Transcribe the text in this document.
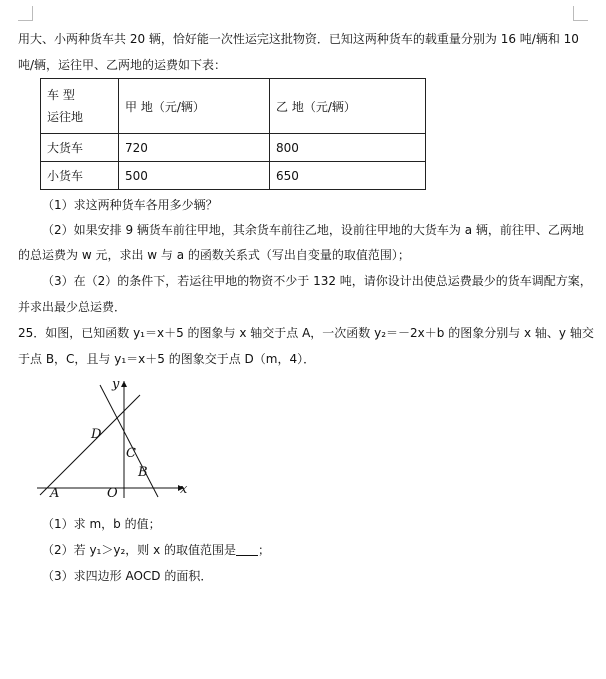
用大、小两种货车共 20 辆，恰好能一次性运完这批物资．已知这两种货车的载重量分别为 16 吨/辆和 10
吨/辆，运往甲、乙两地的运费如下表：
车 型
运往地	甲 地（元/辆）	乙 地（元/辆）
大货车	720	800
小货车	500	650
（1）求这两种货车各用多少辆？
（2）如果安排 9 辆货车前往甲地，其余货车前往乙地，设前往甲地的大货车为 a 辆，前往甲、乙两地
的总运费为 w 元，求出 w 与 a 的函数关系式（写出自变量的取值范围）；
（3）在（2）的条件下，若运往甲地的物资不少于 132 吨，请你设计出使总运费最少的货车调配方案，
并求出最少总运费．
25．如图，已知函数 y₁＝x＋5 的图象与 x 轴交于点 A，一次函数 y₂＝－2x＋b 的图象分别与 x 轴、y 轴交
于点 B，C，且与 y₁＝x＋5 的图象交于点 D（m，4）．
y
x
A	O
B
C
D
（1）求 m，b 的值；
（2）若 y₁＞y₂，则 x 的取值范围是 ；
（3）求四边形 AOCD 的面积．
